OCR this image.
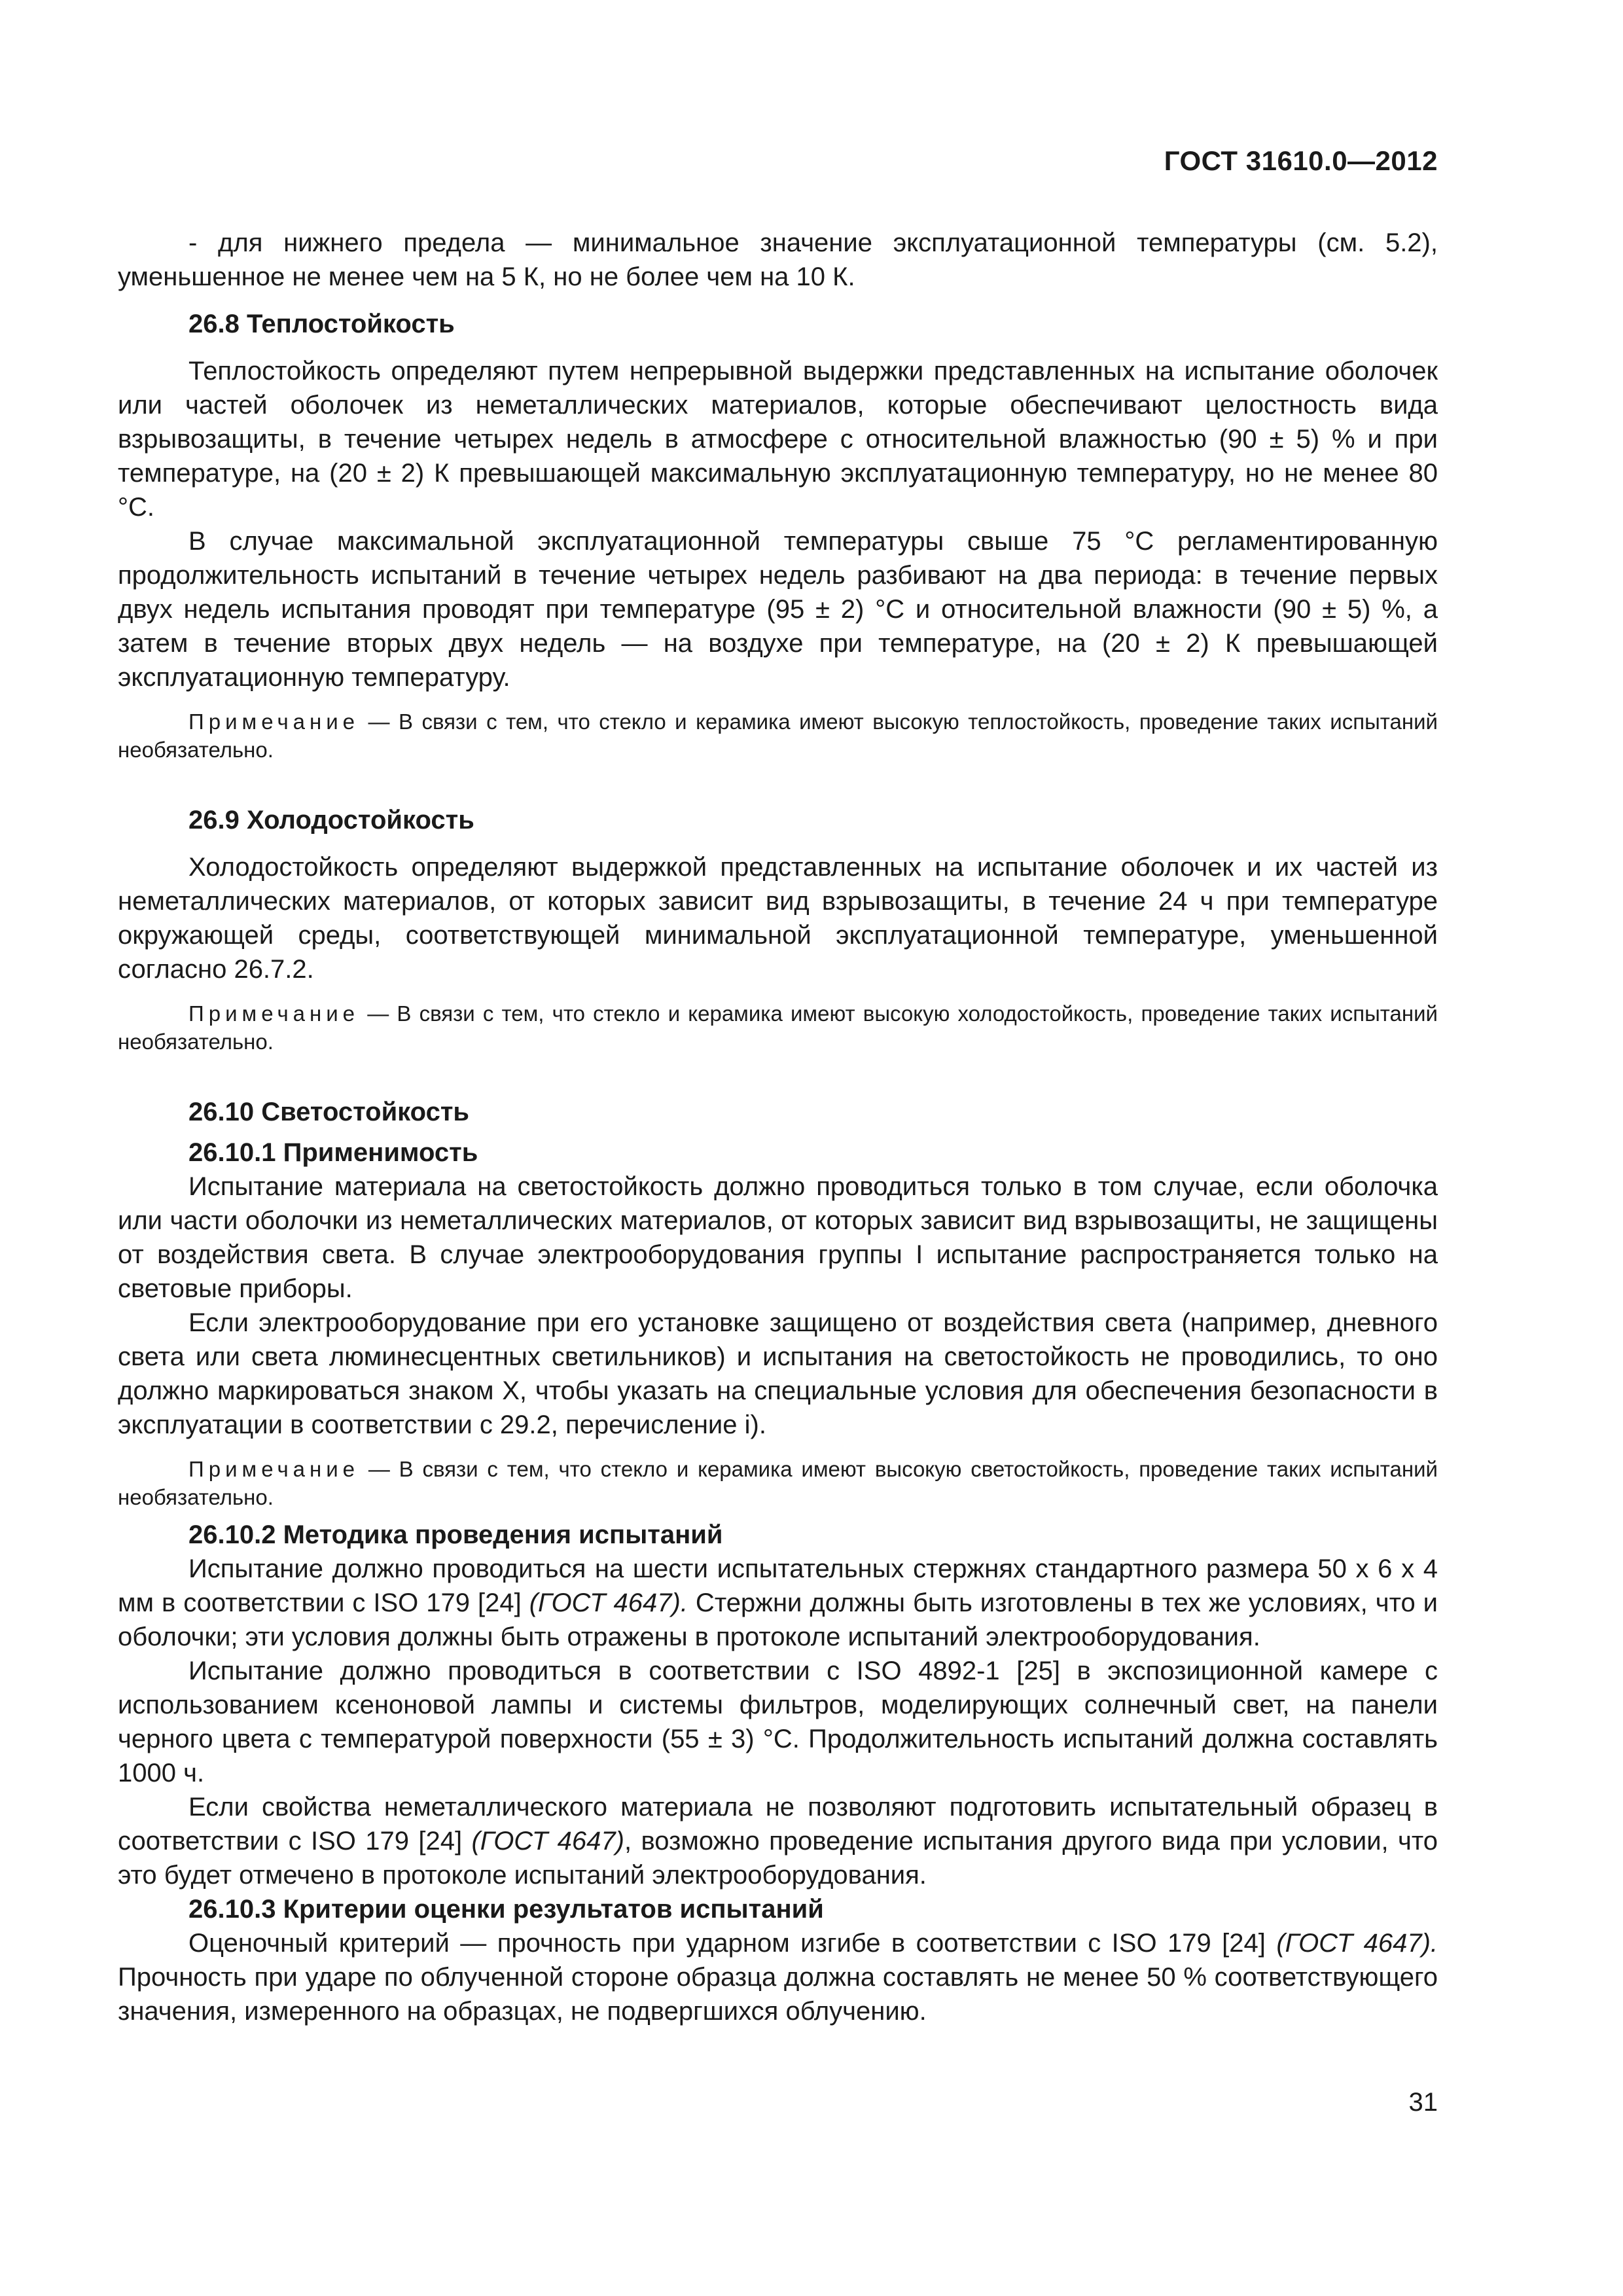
ГОСТ 31610.0—2012

- для нижнего предела — минимальное значение эксплуатационной температуры (см. 5.2), уменьшенное не менее чем на 5 К, но не более чем на 10 К.

26.8 Теплостойкость

Теплостойкость определяют путем непрерывной выдержки представленных на испытание оболочек или частей оболочек из неметаллических материалов, которые обеспечивают целостность вида взрывозащиты, в течение четырех недель в атмосфере с относительной влажностью (90 ± 5) % и при температуре, на (20 ± 2) К превышающей максимальную эксплуатационную температуру, но не менее 80 °С.

В случае максимальной эксплуатационной температуры свыше 75 °С регламентированную продолжительность испытаний в течение четырех недель разбивают на два периода: в течение первых двух недель испытания проводят при температуре (95 ± 2) °С и относительной влажности (90 ± 5) %, а затем в течение вторых двух недель — на воздухе при температуре, на (20 ± 2) К превышающей эксплуатационную температуру.

Примечание — В связи с тем, что стекло и керамика имеют высокую теплостойкость, проведение таких испытаний необязательно.

26.9 Холодостойкость

Холодостойкость определяют выдержкой представленных на испытание оболочек и их частей из неметаллических материалов, от которых зависит вид взрывозащиты, в течение 24 ч при температуре окружающей среды, соответствующей минимальной эксплуатационной температуре, уменьшенной согласно 26.7.2.

Примечание — В связи с тем, что стекло и керамика имеют высокую холодостойкость, проведение таких испытаний необязательно.

26.10 Светостойкость

26.10.1 Применимость

Испытание материала на светостойкость должно проводиться только в том случае, если оболочка или части оболочки из неметаллических материалов, от которых зависит вид взрывозащиты, не защищены от воздействия света. В случае электрооборудования группы I испытание распространяется только на световые приборы.

Если электрооборудование при его установке защищено от воздействия света (например, дневного света или света люминесцентных светильников) и испытания на светостойкость не проводились, то оно должно маркироваться знаком X, чтобы указать на специальные условия для обеспечения безопасности в эксплуатации в соответствии с 29.2, перечисление i).

Примечание — В связи с тем, что стекло и керамика имеют высокую светостойкость, проведение таких испытаний необязательно.

26.10.2 Методика проведения испытаний

Испытание должно проводиться на шести испытательных стержнях стандартного размера 50 x 6 x 4 мм в соответствии с ISO 179 [24] (ГОСТ 4647). Стержни должны быть изготовлены в тех же условиях, что и оболочки; эти условия должны быть отражены в протоколе испытаний электрооборудования.

Испытание должно проводиться в соответствии с ISO 4892-1 [25] в экспозиционной камере с использованием ксеноновой лампы и системы фильтров, моделирующих солнечный свет, на панели черного цвета с температурой поверхности (55 ± 3) °С. Продолжительность испытаний должна составлять 1000 ч.

Если свойства неметаллического материала не позволяют подготовить испытательный образец в соответствии с ISO 179 [24] (ГОСТ 4647), возможно проведение испытания другого вида при условии, что это будет отмечено в протоколе испытаний электрооборудования.

26.10.3 Критерии оценки результатов испытаний

Оценочный критерий — прочность при ударном изгибе в соответствии с ISO 179 [24] (ГОСТ 4647). Прочность при ударе по облученной стороне образца должна составлять не менее 50 % соответствующего значения, измеренного на образцах, не подвергшихся облучению.

31
